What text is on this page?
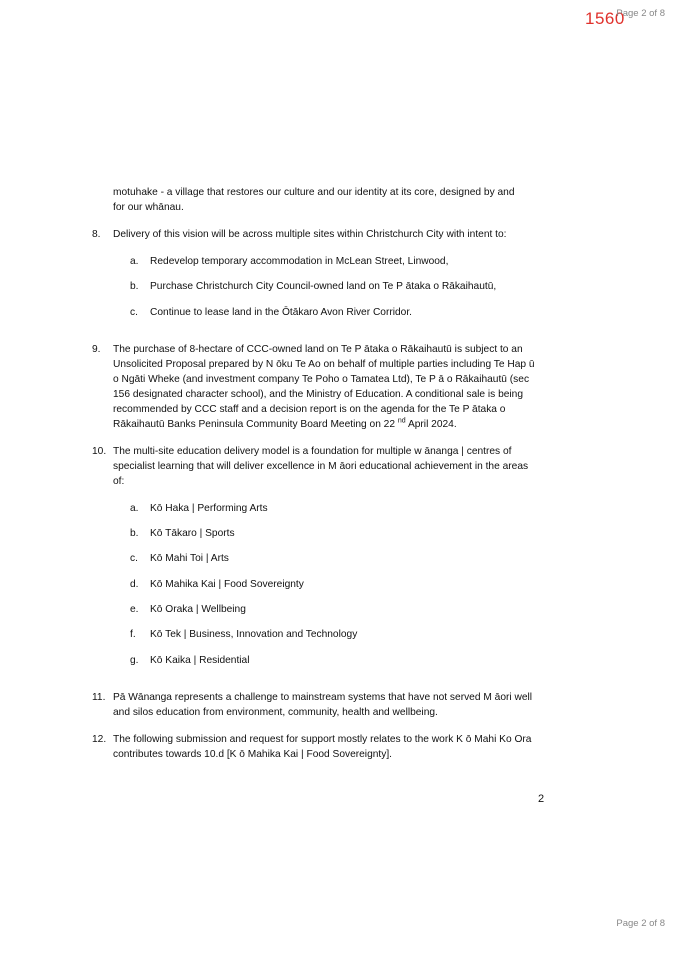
1560
Page 2 of 8
motuhake - a village that restores our culture and our identity at its core, designed by and
for our whānau.
8. Delivery of this vision will be across multiple sites within Christchurch City with intent to:
a. Redevelop temporary accommodation in McLean Street, Linwood,
b. Purchase Christchurch City Council-owned land on Te P ātaka o Rākaihautū,
c. Continue to lease land in the Ōtākaro Avon River Corridor.
9. The purchase of 8-hectare of CCC-owned land on Te P ātaka o Rākaihautū is subject to an
Unsolicited Proposal prepared by N ōku Te Ao on behalf of multiple parties including Te Hap ū
o Ngāti Wheke (and investment company Te Poho o Tamatea Ltd), Te P ā o Rākaihautū (sec
156 designated character school), and the Ministry of Education. A conditional sale is being
recommended by CCC staff and a decision report is on the agenda for the Te P ātaka o
Rākaihautū Banks Peninsula Community Board Meeting on 22 $^{nd}$ April 2024.
10. The multi-site education delivery model is a foundation for multiple w ānanga | centres of
specialist learning that will deliver excellence in M āori educational achievement in the areas
of:
a. Kō Haka | Performing Arts
b. Kō Tākaro | Sports
c. Kō Mahi Toi | Arts
d. Kō Mahika Kai | Food Sovereignty
e. Kō Oraka | Wellbeing
f. Kō Tek | Business, Innovation and Technology
g. Kō Kaika | Residential
11. Pā Wānanga represents a challenge to mainstream systems that have not served M āori well
and silos education from environment, community, health and wellbeing.
12. The following submission and request for support mostly relates to the work K ō Mahi Ko Ora
contributes towards 10.d [K ō Mahika Kai | Food Sovereignty].
2
Page 2 of 8
